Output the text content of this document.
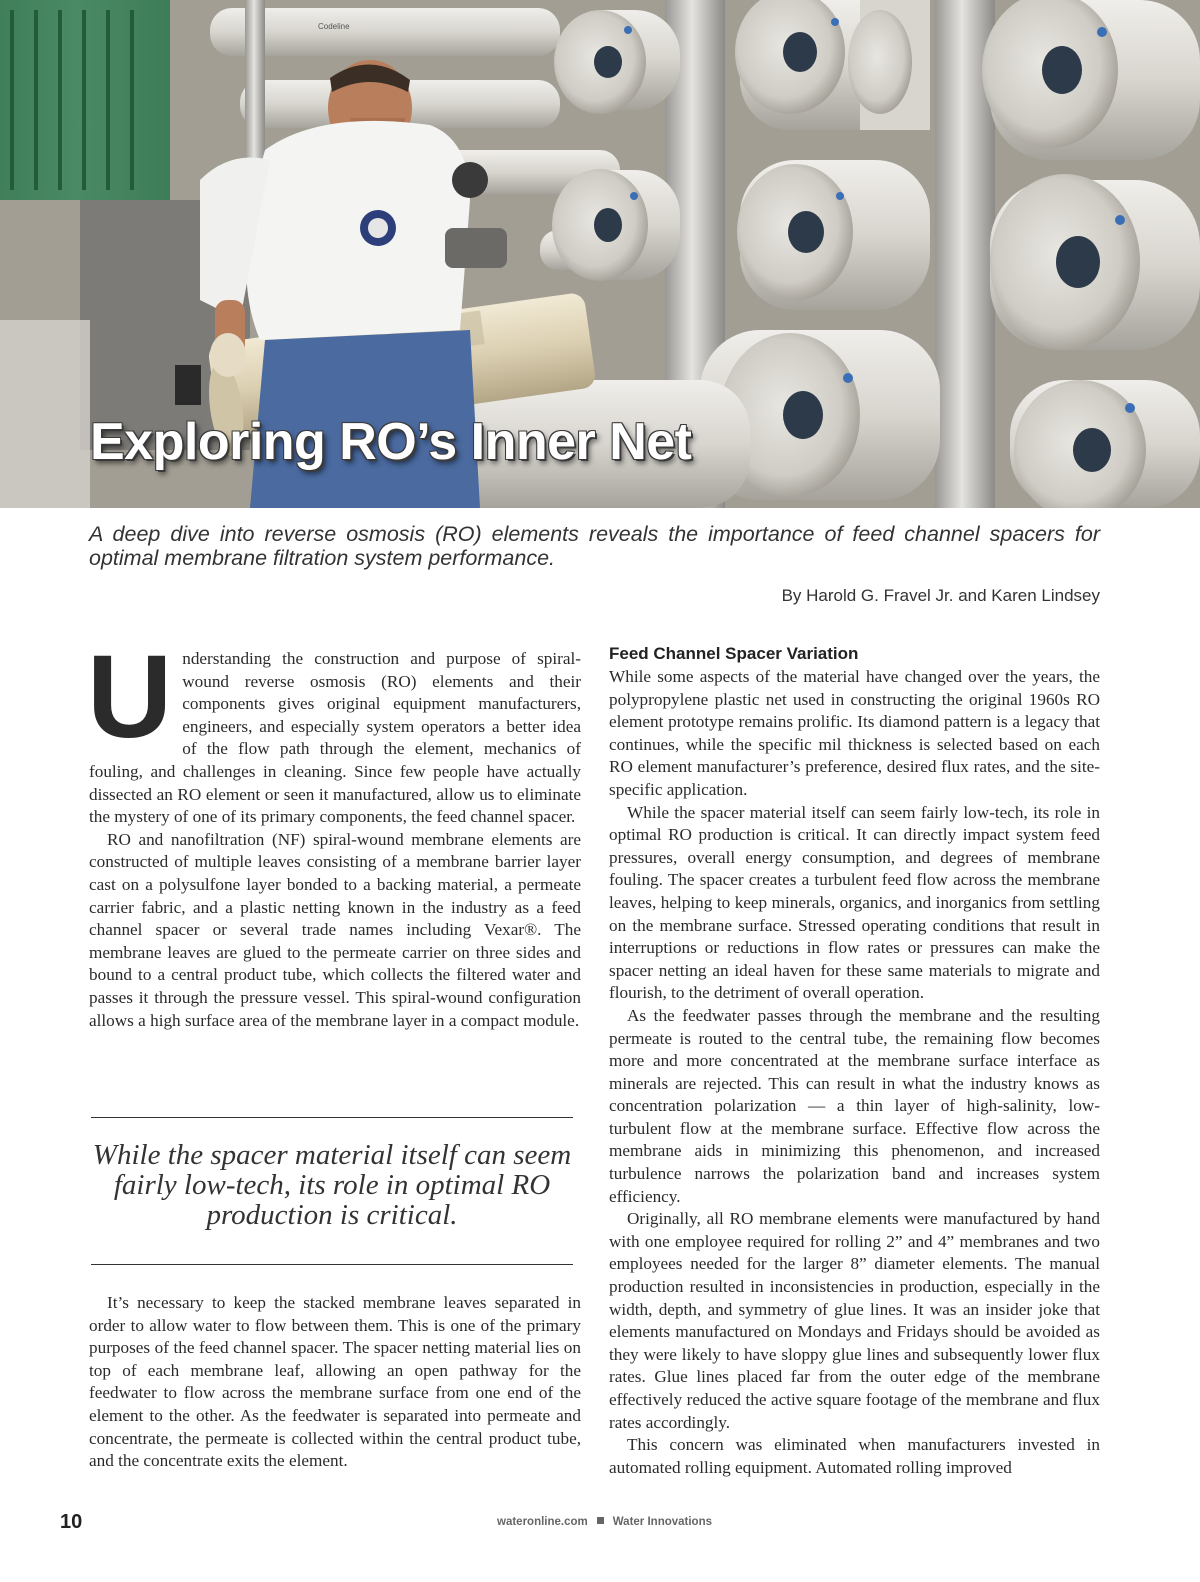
Codeline
Exploring RO’s Inner Net

A deep dive into reverse osmosis (RO) elements reveals the importance of feed channel spacers for optimal membrane filtration system performance.

By Harold G. Fravel Jr. and Karen Lindsey

Understanding the construction and purpose of spiral-wound reverse osmosis (RO) elements and their components gives original equipment manufacturers, engineers, and especially system operators a better idea of the flow path through the element, mechanics of fouling, and challenges in cleaning. Since few people have actually dissected an RO element or seen it manufactured, allow us to eliminate the mystery of one of its primary components, the feed channel spacer.

RO and nanofiltration (NF) spiral-wound membrane elements are constructed of multiple leaves consisting of a membrane barrier layer cast on a polysulfone layer bonded to a backing material, a permeate carrier fabric, and a plastic netting known in the industry as a feed channel spacer or several trade names including Vexar®. The membrane leaves are glued to the permeate carrier on three sides and bound to a central product tube, which collects the filtered water and passes it through the pressure vessel. This spiral-wound configuration allows a high surface area of the membrane layer in a compact module.

While the spacer material itself can seem fairly low-tech, its role in optimal RO production is critical.

It’s necessary to keep the stacked membrane leaves separated in order to allow water to flow between them. This is one of the primary purposes of the feed channel spacer. The spacer netting material lies on top of each membrane leaf, allowing an open pathway for the feedwater to flow across the membrane surface from one end of the element to the other. As the feedwater is separated into permeate and concentrate, the permeate is collected within the central product tube, and the concentrate exits the element.

Feed Channel Spacer Variation

While some aspects of the material have changed over the years, the polypropylene plastic net used in constructing the original 1960s RO element prototype remains prolific. Its diamond pattern is a legacy that continues, while the specific mil thickness is selected based on each RO element manufacturer’s preference, desired flux rates, and the site-specific application.

While the spacer material itself can seem fairly low-tech, its role in optimal RO production is critical. It can directly impact system feed pressures, overall energy consumption, and degrees of membrane fouling. The spacer creates a turbulent feed flow across the membrane leaves, helping to keep minerals, organics, and inorganics from settling on the membrane surface. Stressed operating conditions that result in interruptions or reductions in flow rates or pressures can make the spacer netting an ideal haven for these same materials to migrate and flourish, to the detriment of overall operation.

As the feedwater passes through the membrane and the resulting permeate is routed to the central tube, the remaining flow becomes more and more concentrated at the membrane surface interface as minerals are rejected. This can result in what the industry knows as concentration polarization — a thin layer of high-salinity, low-turbulent flow at the membrane surface. Effective flow across the membrane aids in minimizing this phenomenon, and increased turbulence narrows the polarization band and increases system efficiency.

Originally, all RO membrane elements were manufactured by hand with one employee required for rolling 2” and 4” membranes and two employees needed for the larger 8” diameter elements. The manual production resulted in inconsistencies in production, especially in the width, depth, and symmetry of glue lines. It was an insider joke that elements manufactured on Mondays and Fridays should be avoided as they were likely to have sloppy glue lines and subsequently lower flux rates. Glue lines placed far from the outer edge of the membrane effectively reduced the active square footage of the membrane and flux rates accordingly.

This concern was eliminated when manufacturers invested in automated rolling equipment. Automated rolling improved

10	wateronline.com Water Innovations
